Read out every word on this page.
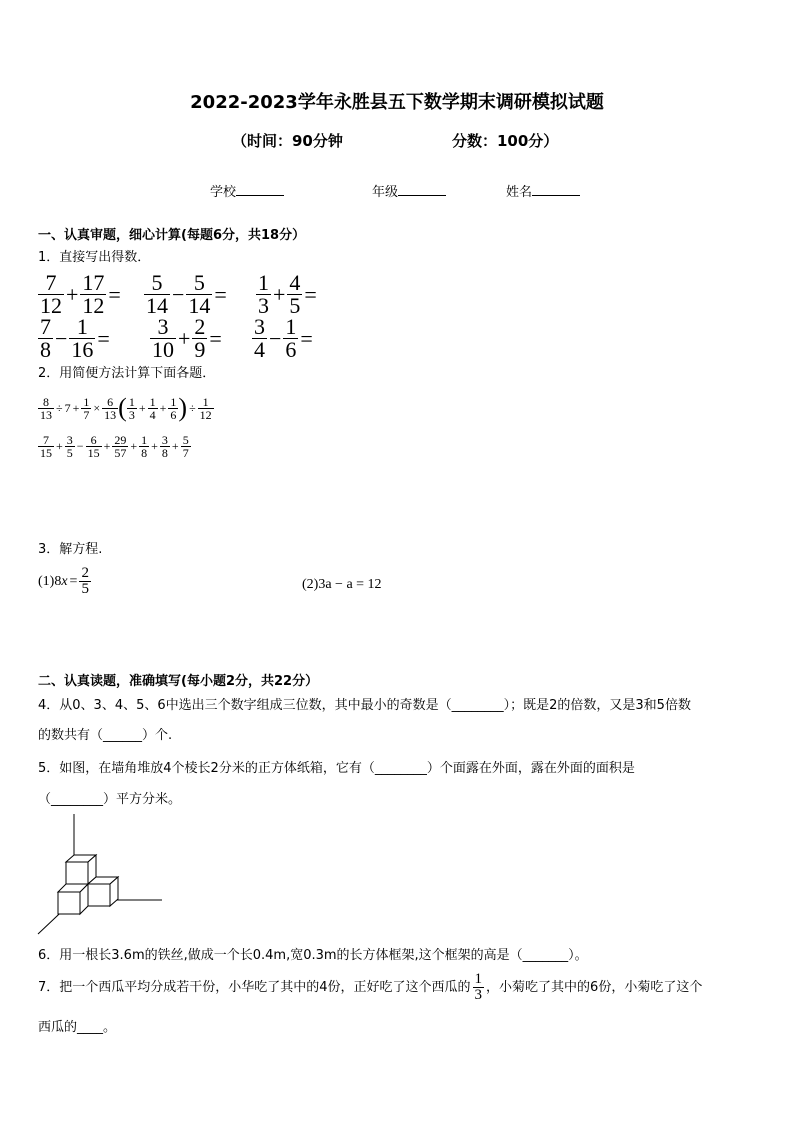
2022-2023学年永胜县五下数学期末调研模拟试题
（时间：90分钟	分数：100分）
学校	年级	姓名
一、认真审题，细心计算(每题6分，共18分）
1．直接写出得数．
$\frac{7}{12} + \frac{17}{12} = \frac{5}{14} - \frac{5}{14} = \frac{1}{3} + \frac{4}{5}$ =
$\frac{7}{8} - \frac{1}{16} = \frac{3}{10} + \frac{2}{9} = \frac{3}{4} - \frac{1}{6}$ =
2．用简便方法计算下面各题．
$\frac{8}{13} \div 7 + \frac{1}{7} \times \frac{6}{13}$ ( $\frac{1}{3} + \frac{1}{4} + \frac{1}{6}$ ) ÷ $\frac{1}{12}$
$\frac{7}{15} + \frac{3}{5} - \frac{6}{15} + \frac{29}{57} + \frac{1}{8} + \frac{3}{8} + \frac{5}{7}$
3．解方程.
(1) 8 $x = \frac{2}{5}$	(2) 3a − a = 12
二、认真读题，准确填写(每小题2分，共22分）
4．从0、3、4、5、6中选出三个数字组成三位数，其中最小的奇数是（________）；既是2的倍数，又是3和5倍数
的数共有（______）个.
5．如图，在墙角堆放4个棱长2分米的正方体纸箱，它有（________）个面露在外面，露在外面的面积是
（________）平方分米。
6．用一根长3.6m的铁丝,做成一个长0.4m,宽0.3m的长方体框架,这个框架的高是（_______）。
7．把一个西瓜平均分成若干份，小华吃了其中的4份，正好吃了这个西瓜的 $\frac{1}{3}$ ，小菊吃了其中的6份，小菊吃了这个
西瓜的____。
